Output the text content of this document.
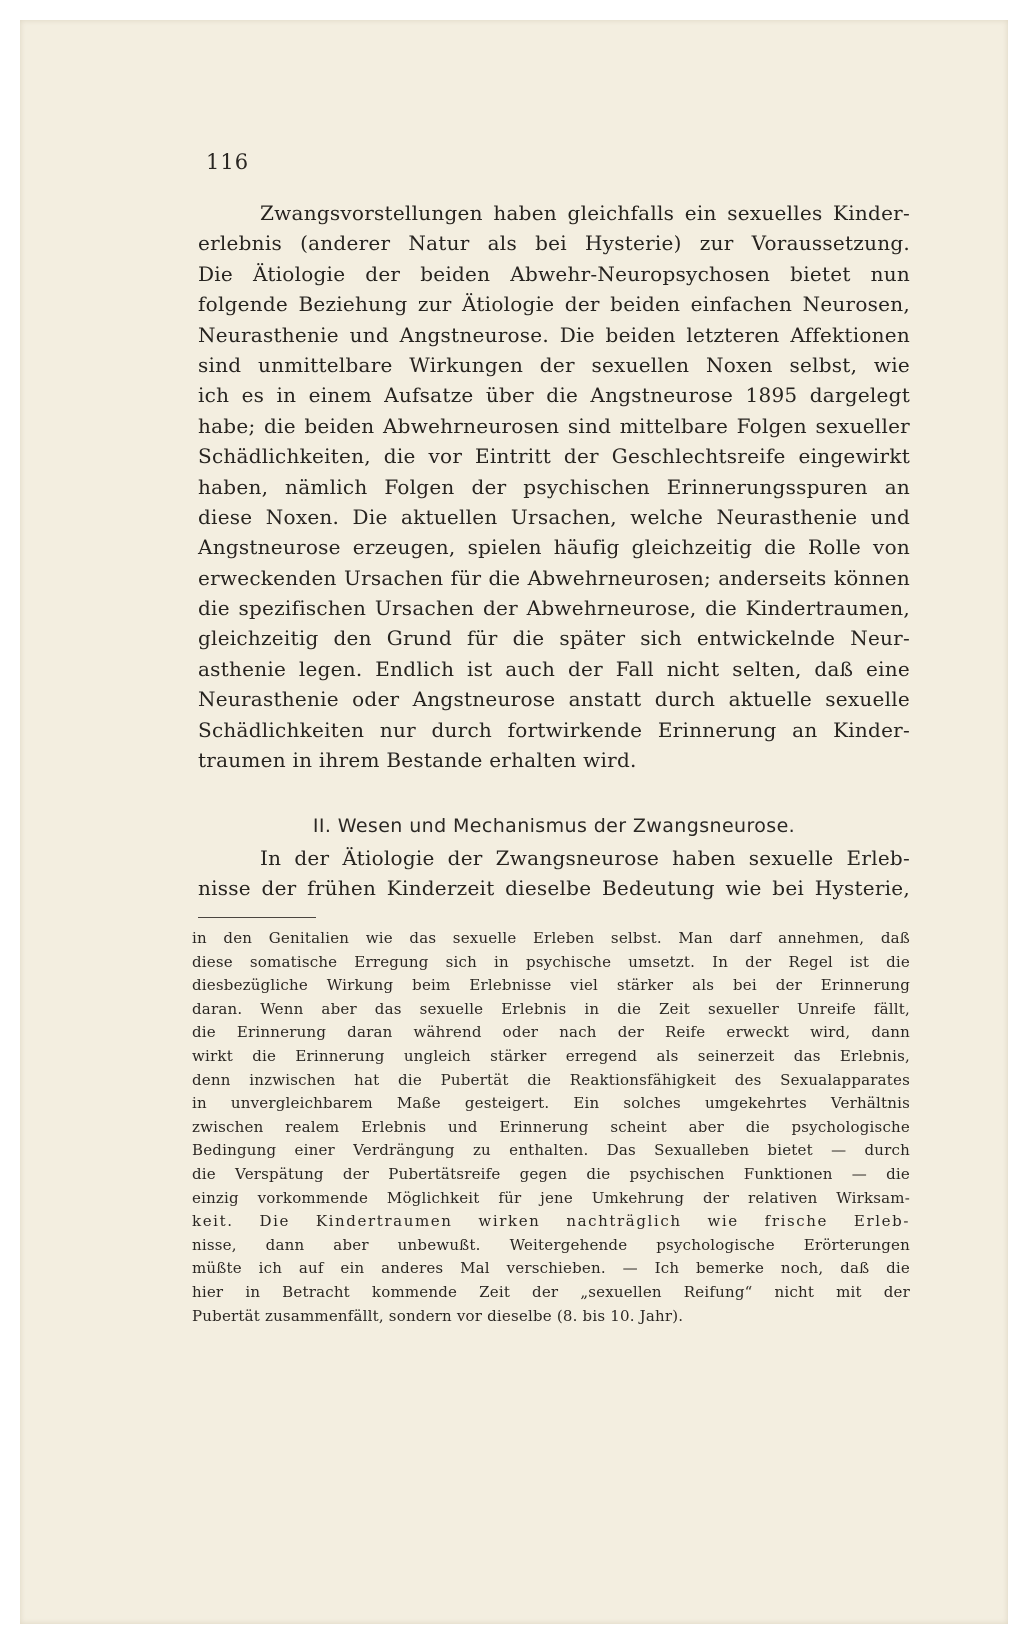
116
Zwangsvorstellungen haben gleichfalls ein sexuelles Kinder-
erlebnis (anderer Natur als bei Hysterie) zur Voraussetzung.
Die Ätiologie der beiden Abwehr-Neuropsychosen bietet nun
folgende Beziehung zur Ätiologie der beiden einfachen Neurosen,
Neurasthenie und Angstneurose. Die beiden letzteren Affektionen
sind unmittelbare Wirkungen der sexuellen Noxen selbst, wie
ich es in einem Aufsatze über die Angstneurose 1895 dargelegt
habe; die beiden Abwehrneurosen sind mittelbare Folgen sexueller
Schädlichkeiten, die vor Eintritt der Geschlechtsreife eingewirkt
haben, nämlich Folgen der psychischen Erinnerungsspuren an
diese Noxen. Die aktuellen Ursachen, welche Neurasthenie und
Angstneurose erzeugen, spielen häufig gleichzeitig die Rolle von
erweckenden Ursachen für die Abwehrneurosen; anderseits können
die spezifischen Ursachen der Abwehrneurose, die Kindertraumen,
gleichzeitig den Grund für die später sich entwickelnde Neur-
asthenie legen. Endlich ist auch der Fall nicht selten, daß eine
Neurasthenie oder Angstneurose anstatt durch aktuelle sexuelle
Schädlichkeiten nur durch fortwirkende Erinnerung an Kinder-
traumen in ihrem Bestande erhalten wird.
II. Wesen und Mechanismus der Zwangsneurose.
In der Ätiologie der Zwangsneurose haben sexuelle Erleb-
nisse der frühen Kinderzeit dieselbe Bedeutung wie bei Hysterie,
in den Genitalien wie das sexuelle Erleben selbst. Man darf annehmen, daß
diese somatische Erregung sich in psychische umsetzt. In der Regel ist die
diesbezügliche Wirkung beim Erlebnisse viel stärker als bei der Erinnerung
daran. Wenn aber das sexuelle Erlebnis in die Zeit sexueller Unreife fällt,
die Erinnerung daran während oder nach der Reife erweckt wird, dann
wirkt die Erinnerung ungleich stärker erregend als seinerzeit das Erlebnis,
denn inzwischen hat die Pubertät die Reaktionsfähigkeit des Sexualapparates
in unvergleichbarem Maße gesteigert. Ein solches umgekehrtes Verhältnis
zwischen realem Erlebnis und Erinnerung scheint aber die psychologische
Bedingung einer Verdrängung zu enthalten. Das Sexualleben bietet — durch
die Verspätung der Pubertätsreife gegen die psychischen Funktionen — die
einzig vorkommende Möglichkeit für jene Umkehrung der relativen Wirksam-
keit. Die Kindertraumen wirken nachträglich wie frische Erleb-
nisse, dann aber unbewußt. Weitergehende psychologische Erörterungen
müßte ich auf ein anderes Mal verschieben. — Ich bemerke noch, daß die
hier in Betracht kommende Zeit der „sexuellen Reifung“ nicht mit der
Pubertät zusammenfällt, sondern vor dieselbe (8. bis 10. Jahr).
